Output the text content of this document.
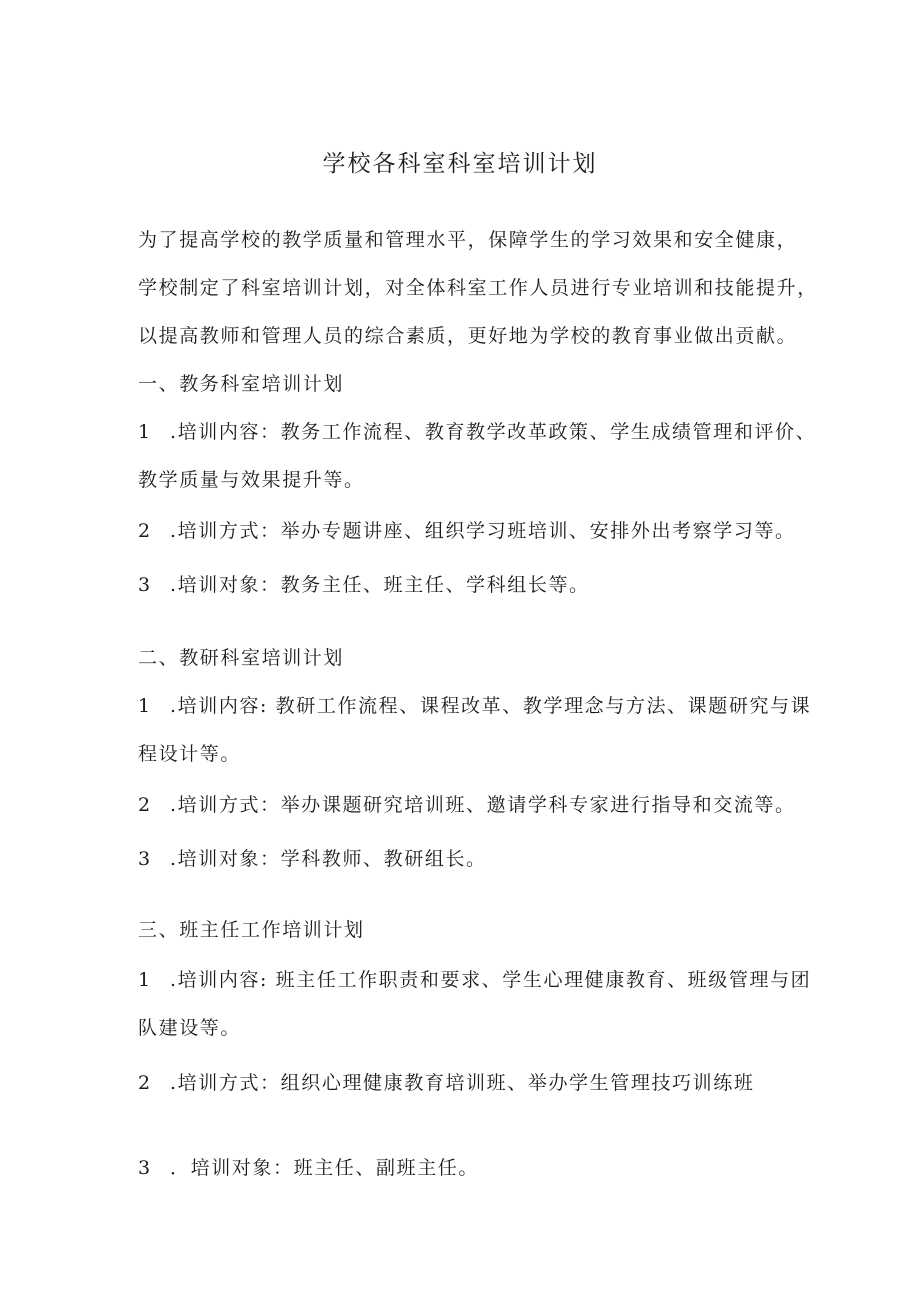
学校各科室科室培训计划
为了提高学校的教学质量和管理水平，保障学生的学习效果和安全健康，
学校制定了科室培训计划，对全体科室工作人员进行专业培训和技能提升，
以提高教师和管理人员的综合素质，更好地为学校的教育事业做出贡献。
一、教务科室培训计划
1 .培训内容：教务工作流程、教育教学改革政策、学生成绩管理和评价、
教学质量与效果提升等。
2 .培训方式：举办专题讲座、组织学习班培训、安排外出考察学习等。
3 .培训对象：教务主任、班主任、学科组长等。
二、教研科室培训计划
1 .培训内容: 教研工作流程、课程改革、教学理念与方法、课题研究与课
程设计等。
2 .培训方式：举办课题研究培训班、邀请学科专家进行指导和交流等。
3 .培训对象：学科教师、教研组长。
三、班主任工作培训计划
1 .培训内容: 班主任工作职责和要求、学生心理健康教育、班级管理与团
队建设等。
2 .培训方式：组织心理健康教育培训班、举办学生管理技巧训练班
3 ．培训对象：班主任、副班主任。
